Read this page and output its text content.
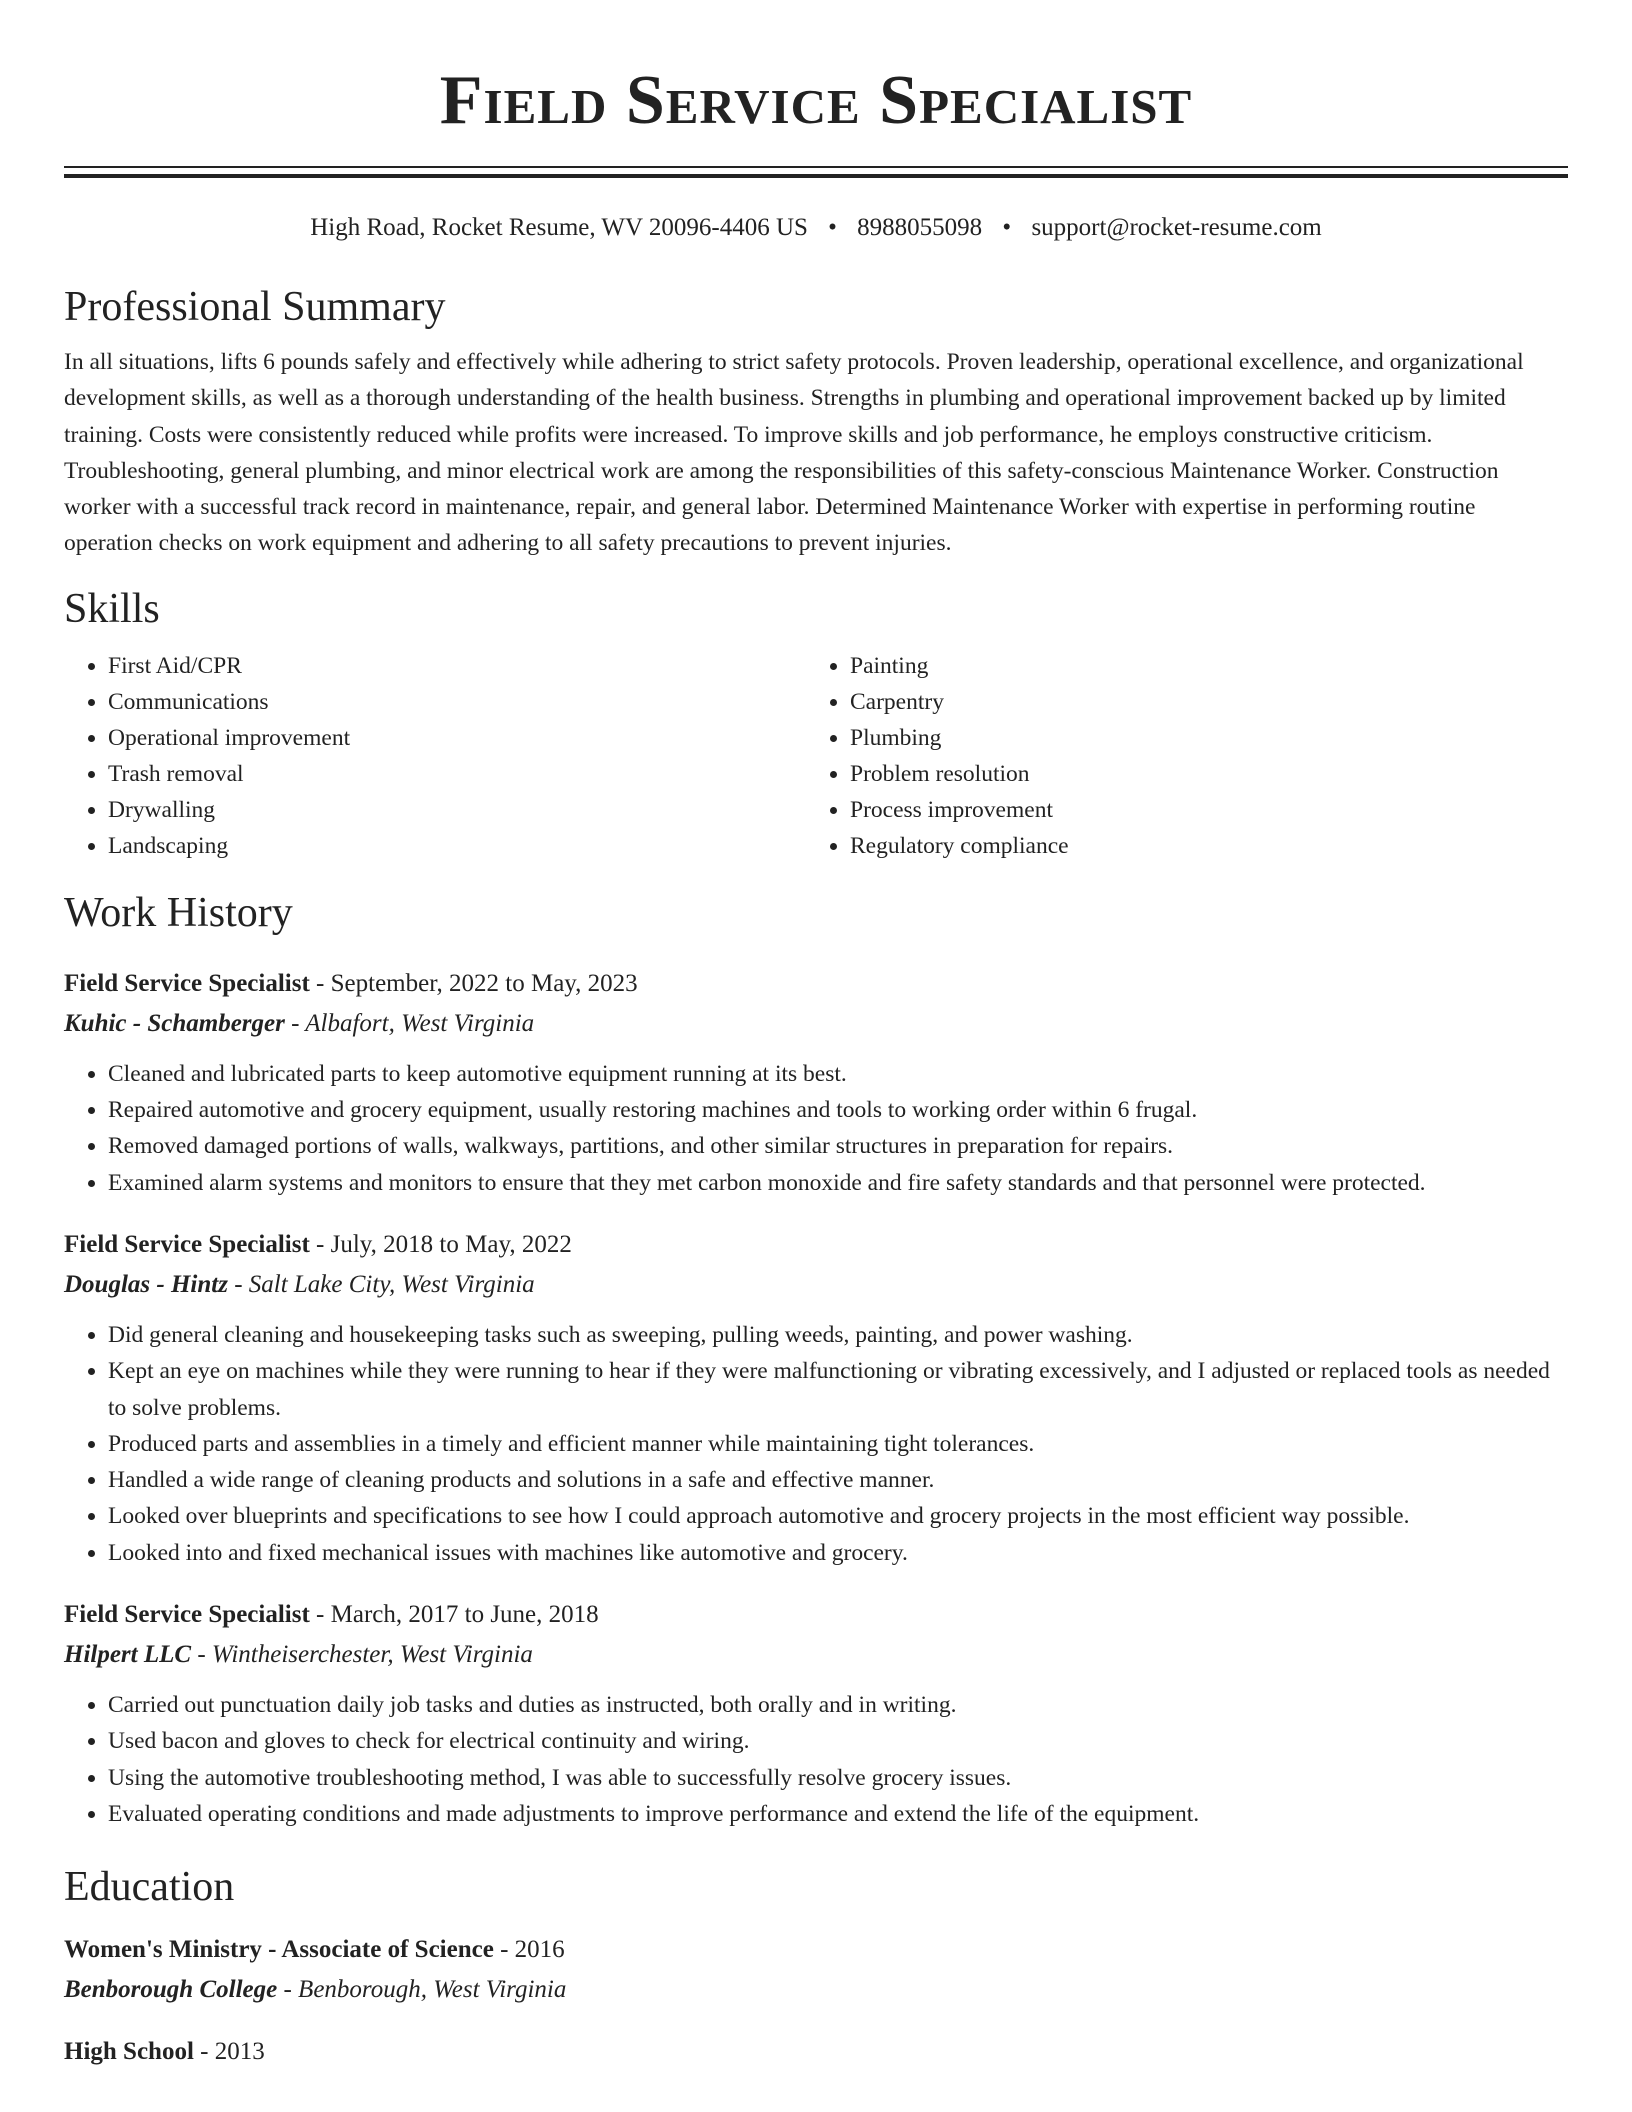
Field Service Specialist
High Road, Rocket Resume, WV 20096-4406 US • 8988055098 • support@rocket-resume.com
Professional Summary

In all situations, lifts 6 pounds safely and effectively while adhering to strict safety protocols. Proven leadership, operational excellence, and organizational development skills, as well as a thorough understanding of the health business. Strengths in plumbing and operational improvement backed up by limited training. Costs were consistently reduced while profits were increased. To improve skills and job performance, he employs constructive criticism. Troubleshooting, general plumbing, and minor electrical work are among the responsibilities of this safety-conscious Maintenance Worker. Construction worker with a successful track record in maintenance, repair, and general labor. Determined Maintenance Worker with expertise in performing routine operation checks on work equipment and adhering to all safety precautions to prevent injuries.

Skills
• First Aid/CPR
• Communications
• Operational improvement
• Trash removal
• Drywalling
• Landscaping
• Painting
• Carpentry
• Plumbing
• Problem resolution
• Process improvement
• Regulatory compliance
Work History
Field Service Specialist - September, 2022 to May, 2023
Kuhic - Schamberger - Albafort, West Virginia
• Cleaned and lubricated parts to keep automotive equipment running at its best.
• Repaired automotive and grocery equipment, usually restoring machines and tools to working order within 6 frugal.
• Removed damaged portions of walls, walkways, partitions, and other similar structures in preparation for repairs.
• Examined alarm systems and monitors to ensure that they met carbon monoxide and fire safety standards and that personnel were protected.
Field Service Specialist - July, 2018 to May, 2022
Douglas - Hintz - Salt Lake City, West Virginia
• Did general cleaning and housekeeping tasks such as sweeping, pulling weeds, painting, and power washing.
• Kept an eye on machines while they were running to hear if they were malfunctioning or vibrating excessively, and I adjusted or replaced tools as needed to solve problems.
• Produced parts and assemblies in a timely and efficient manner while maintaining tight tolerances.
• Handled a wide range of cleaning products and solutions in a safe and effective manner.
• Looked over blueprints and specifications to see how I could approach automotive and grocery projects in the most efficient way possible.
• Looked into and fixed mechanical issues with machines like automotive and grocery.
Field Service Specialist - March, 2017 to June, 2018
Hilpert LLC - Wintheiserchester, West Virginia
• Carried out punctuation daily job tasks and duties as instructed, both orally and in writing.
• Used bacon and gloves to check for electrical continuity and wiring.
• Using the automotive troubleshooting method, I was able to successfully resolve grocery issues.
• Evaluated operating conditions and made adjustments to improve performance and extend the life of the equipment.
Education
Women's Ministry - Associate of Science - 2016
Benborough College - Benborough, West Virginia
High School - 2013
